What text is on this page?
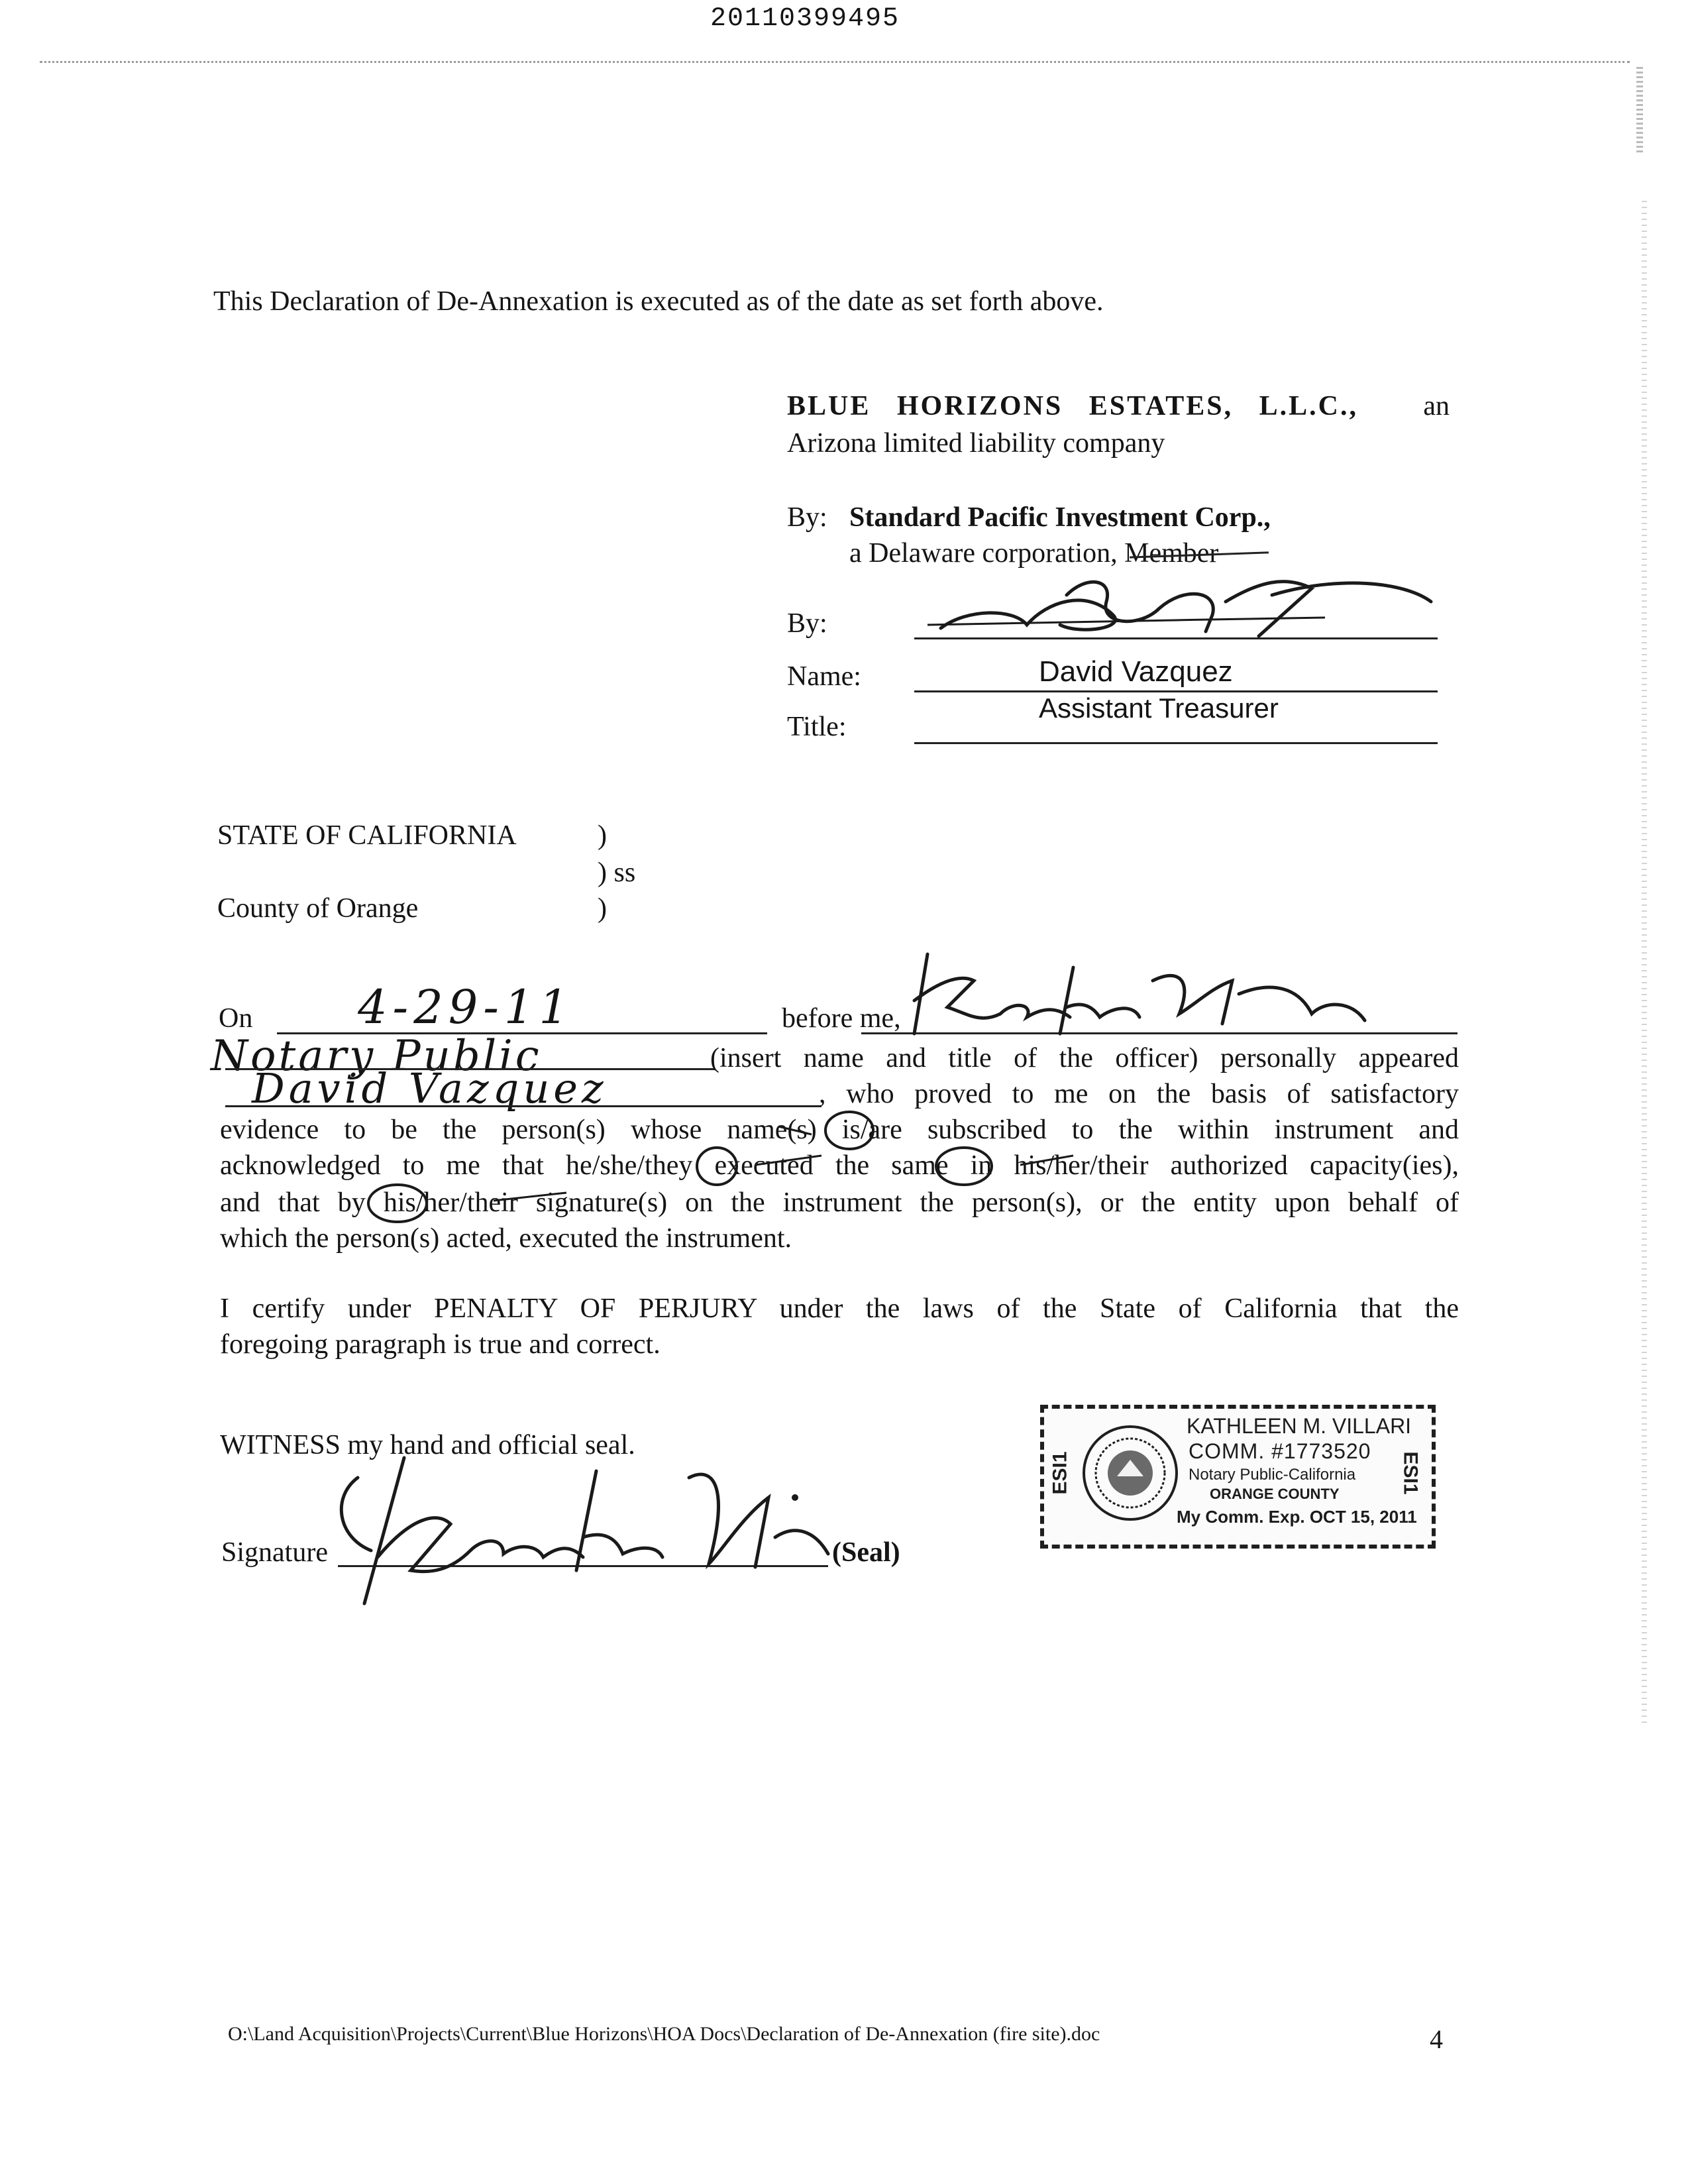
20110399495
This Declaration of De-Annexation is executed as of the date as set forth above.
BLUE HORIZONS ESTATES, L.L.C., an
Arizona limited liability company
By: Standard Pacific Investment Corp.,
a Delaware corporation, Member
By:
Name:	David Vazquez
Title:
Assistant Treasurer
STATE OF CALIFORNIA	)
) ss
County of Orange	)
On 4-29-11	before me,
Notary Public	(insert name and title of the officer) personally appeared
David Vazquez	, who proved to me on the basis of satisfactory
evidence to be the person(s) whose name(s) is/are subscribed to the within instrument and
acknowledged to me that he/she/they executed the same in his/her/their authorized capacity(ies),
and that by his/her/their signature(s) on the instrument the person(s), or the entity upon behalf of
which the person(s) acted, executed the instrument.
I certify under PENALTY OF PERJURY under the laws of the State of California that the
foregoing paragraph is true and correct.
WITNESS my hand and official seal.
Signature	(Seal)
ESI1	ESI1
KATHLEEN M. VILLARI
COMM. #1773520
Notary Public-California
ORANGE COUNTY
My Comm. Exp. OCT 15, 2011
O:\Land Acquisition\Projects\Current\Blue Horizons\HOA Docs\Declaration of De-Annexation (fire site).doc	4
